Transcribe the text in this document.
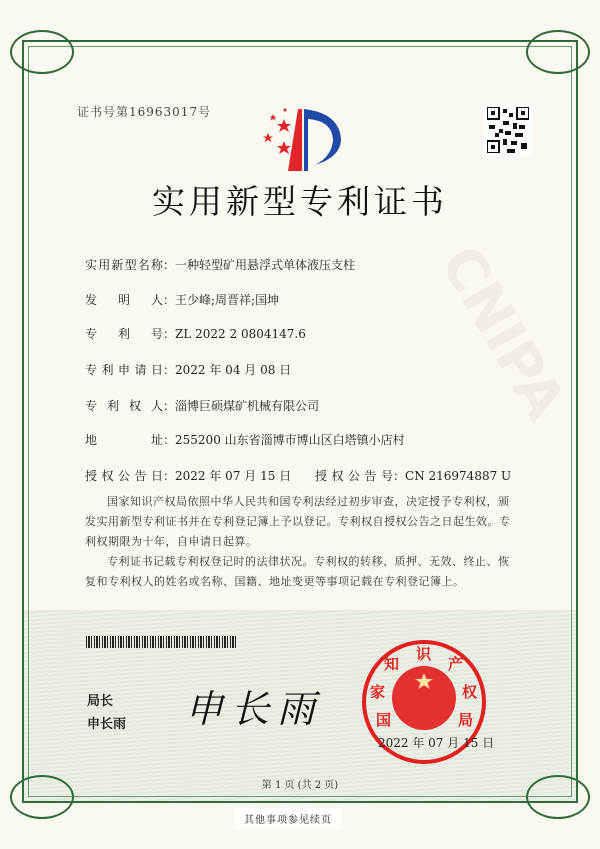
CNIPA
证书号第16963017号
实用新型专利证书
实用新型名称：一种轻型矿用悬浮式单体液压支柱
发明人：王少峰;周晋祥;国坤
专利号：ZL 2022 2 0804147.6
专利申请日：2022 年 04 月 08 日
专利权人：淄博巨硕煤矿机械有限公司
地址：255200 山东省淄博市博山区白塔镇小店村
授权公告日：2022 年 07 月 15 日 授权公告号：CN 216974887 U

国家知识产权局依照中华人民共和国专利法经过初步审查，决定授予专利权，颁发实用新型专利证书并在专利登记簿上予以登记。专利权自授权公告之日起生效。专利权期限为十年，自申请日起算。

专利证书记载专利权登记时的法律状况。专利权的转移、质押、无效、终止、恢复和专利权人的姓名或名称、国籍、地址变更等事项记载在专利登记簿上。

局长
申长雨 申长雨	国
家
知
识
产
权
局
2022 年 07 月 15 日
第 1 页 (共 2 页)
其他事项参见续页
